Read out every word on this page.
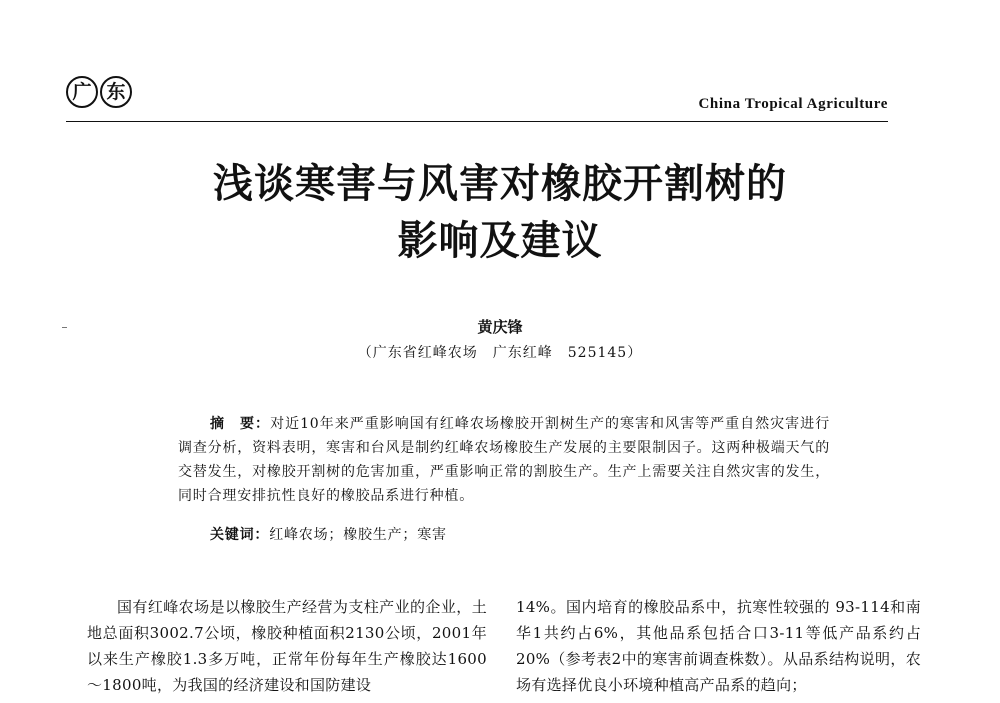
广 东
China Tropical Agriculture
浅谈寒害与风害对橡胶开割树的
影响及建议
黄庆锋
（广东省红峰农场　广东红峰　525145）
摘　要：对近10年来严重影响国有红峰农场橡胶开割树生产的寒害和风害等严重自然灾害进行调查分析，资料表明，寒害和台风是制约红峰农场橡胶生产发展的主要限制因子。这两种极端天气的交替发生，对橡胶开割树的危害加重，严重影响正常的割胶生产。生产上需要关注自然灾害的发生，同时合理安排抗性良好的橡胶品系进行种植。
关键词：红峰农场；橡胶生产；寒害

国有红峰农场是以橡胶生产经营为支柱产业的企业，土地总面积3002.7公顷，橡胶种植面积2130公顷，2001年以来生产橡胶1.3多万吨，正常年份每年生产橡胶达1600～1800吨，为我国的经济建设和国防建设

14%。国内培育的橡胶品系中，抗寒性较强的 93-114和南华1共约占6%，其他品系包括合口3-11等低产品系约占20%（参考表2中的寒害前调查株数）。从品系结构说明，农场有选择优良小环境种植高产品系的趋向；
